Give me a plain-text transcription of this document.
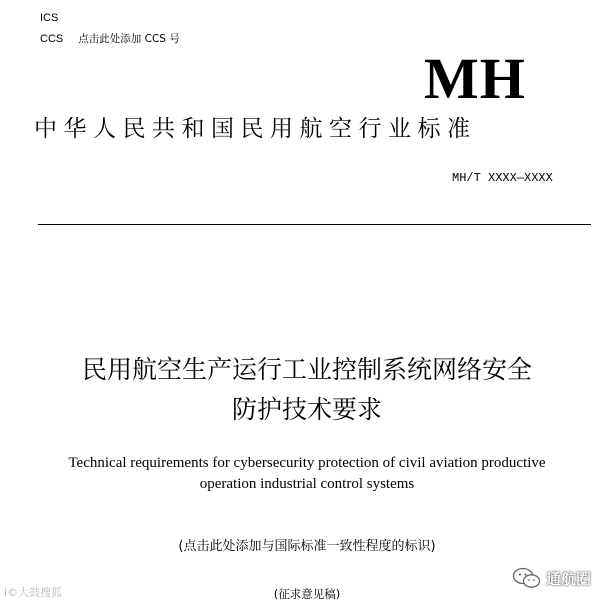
ICS
CCS 点击此处添加 CCS 号
MH
中华人民共和国民用航空行业标准
MH/T XXXX—XXXX
民用航空生产运行工业控制系统网络安全
防护技术要求
Technical requirements for cybersecurity protection of civil aviation productive
operation industrial control systems
(点击此处添加与国际标准一致性程度的标识)
(征求意见稿)
i©大鼓搜狐
通航圈
